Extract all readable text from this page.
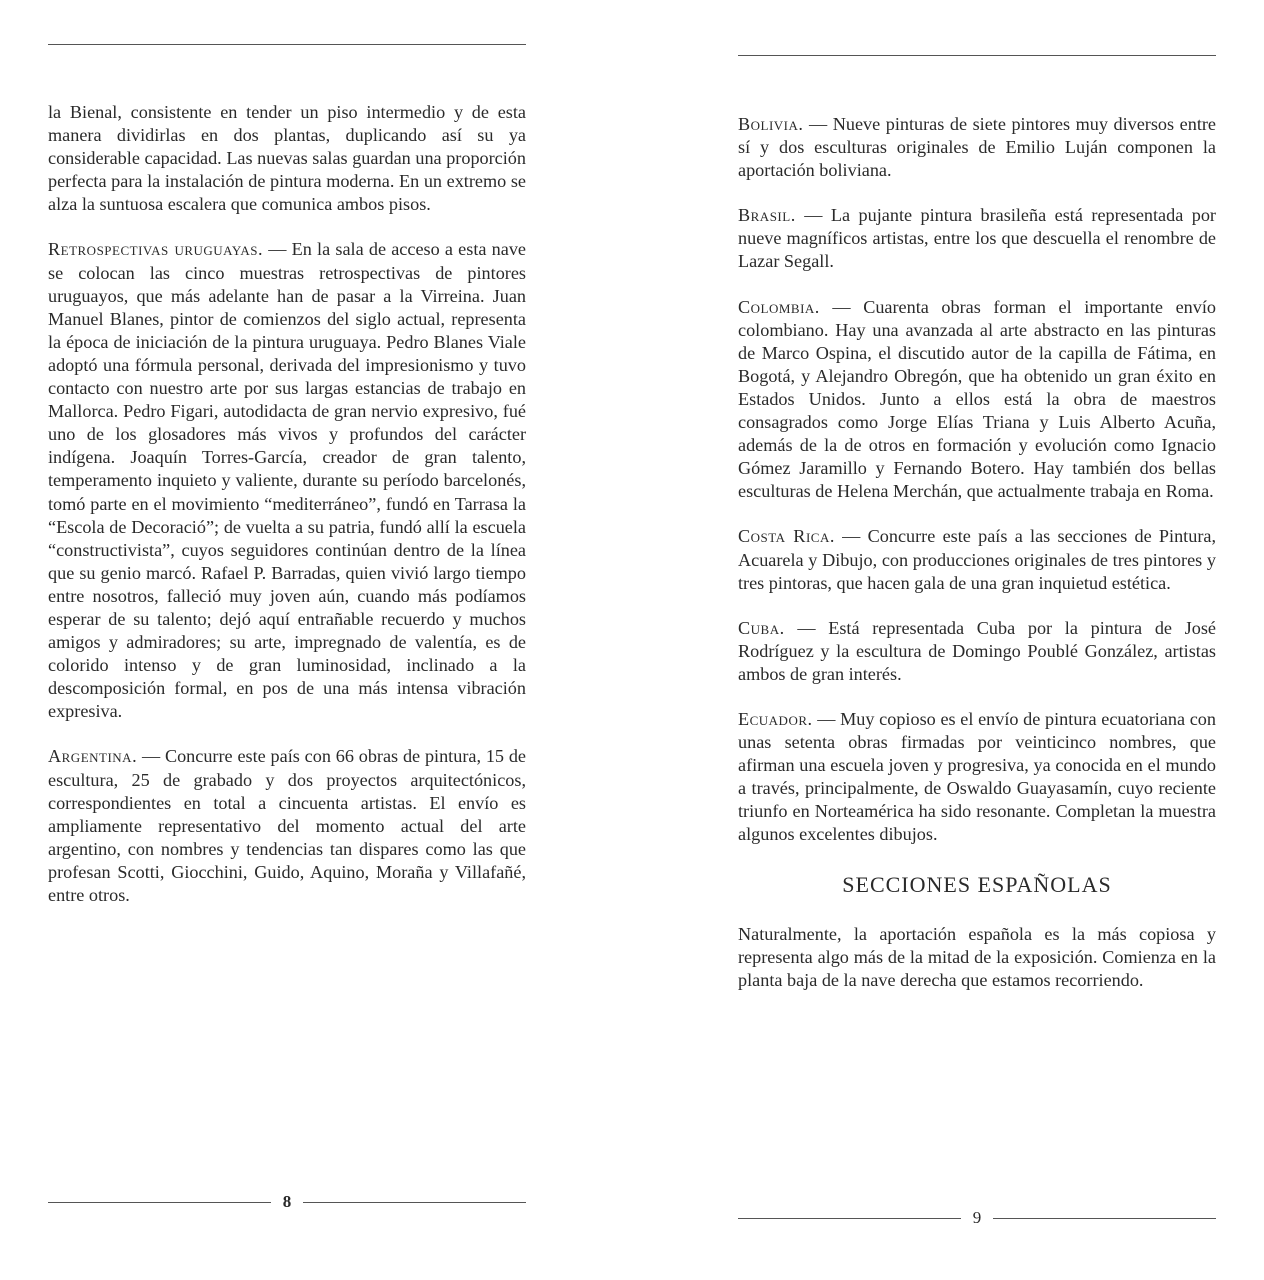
la Bienal, consistente en tender un piso intermedio y de esta manera dividirlas en dos plantas, duplicando así su ya considerable capacidad. Las nuevas salas guardan una proporción perfecta para la instalación de pintura moderna. En un extremo se alza la suntuosa escalera que comunica ambos pisos.

Retrospectivas uruguayas. — En la sala de acceso a esta nave se colocan las cinco muestras retrospectivas de pintores uruguayos, que más adelante han de pasar a la Virreina. Juan Manuel Blanes, pintor de comienzos del siglo actual, representa la época de iniciación de la pintura uruguaya. Pedro Blanes Viale adoptó una fórmula personal, derivada del impresionismo y tuvo contacto con nuestro arte por sus largas estancias de trabajo en Mallorca. Pedro Figari, autodidacta de gran nervio expresivo, fué uno de los glosadores más vivos y profundos del carácter indígena. Joaquín Torres-García, creador de gran talento, temperamento inquieto y valiente, durante su período barcelonés, tomó parte en el movimiento “mediterráneo”, fundó en Tarrasa la “Escola de Decoració”; de vuelta a su patria, fundó allí la escuela “constructivista”, cuyos seguidores continúan dentro de la línea que su genio marcó. Rafael P. Barradas, quien vivió largo tiempo entre nosotros, falleció muy joven aún, cuando más podíamos esperar de su talento; dejó aquí entrañable recuerdo y muchos amigos y admiradores; su arte, impregnado de valentía, es de colorido intenso y de gran luminosidad, inclinado a la descomposición formal, en pos de una más intensa vibración expresiva.

Argentina. — Concurre este país con 66 obras de pintura, 15 de escultura, 25 de grabado y dos proyectos arquitectónicos, correspondientes en total a cincuenta artistas. El envío es ampliamente representativo del momento actual del arte argentino, con nombres y tendencias tan dispares como las que profesan Scotti, Giocchini, Guido, Aquino, Moraña y Villafañé, entre otros.

8

Bolivia. — Nueve pinturas de siete pintores muy diversos entre sí y dos esculturas originales de Emilio Luján componen la aportación boliviana.

Brasil. — La pujante pintura brasileña está representada por nueve magníficos artistas, entre los que descuella el renombre de Lazar Segall.

Colombia. — Cuarenta obras forman el importante envío colombiano. Hay una avanzada al arte abstracto en las pinturas de Marco Ospina, el discutido autor de la capilla de Fátima, en Bogotá, y Alejandro Obregón, que ha obtenido un gran éxito en Estados Unidos. Junto a ellos está la obra de maestros consagrados como Jorge Elías Triana y Luis Alberto Acuña, además de la de otros en formación y evolución como Ignacio Gómez Jaramillo y Fernando Botero. Hay también dos bellas esculturas de Helena Merchán, que actualmente trabaja en Roma.

Costa Rica. — Concurre este país a las secciones de Pintura, Acuarela y Dibujo, con producciones originales de tres pintores y tres pintoras, que hacen gala de una gran inquietud estética.

Cuba. — Está representada Cuba por la pintura de José Rodríguez y la escultura de Domingo Poublé González, artistas ambos de gran interés.

Ecuador. — Muy copioso es el envío de pintura ecuatoriana con unas setenta obras firmadas por veinticinco nombres, que afirman una escuela joven y progresiva, ya conocida en el mundo a través, principalmente, de Oswaldo Guayasamín, cuyo reciente triunfo en Norteamérica ha sido resonante. Completan la muestra algunos excelentes dibujos.

SECCIONES ESPAÑOLAS

Naturalmente, la aportación española es la más copiosa y representa algo más de la mitad de la exposición. Comienza en la planta baja de la nave derecha que estamos recorriendo.

9
